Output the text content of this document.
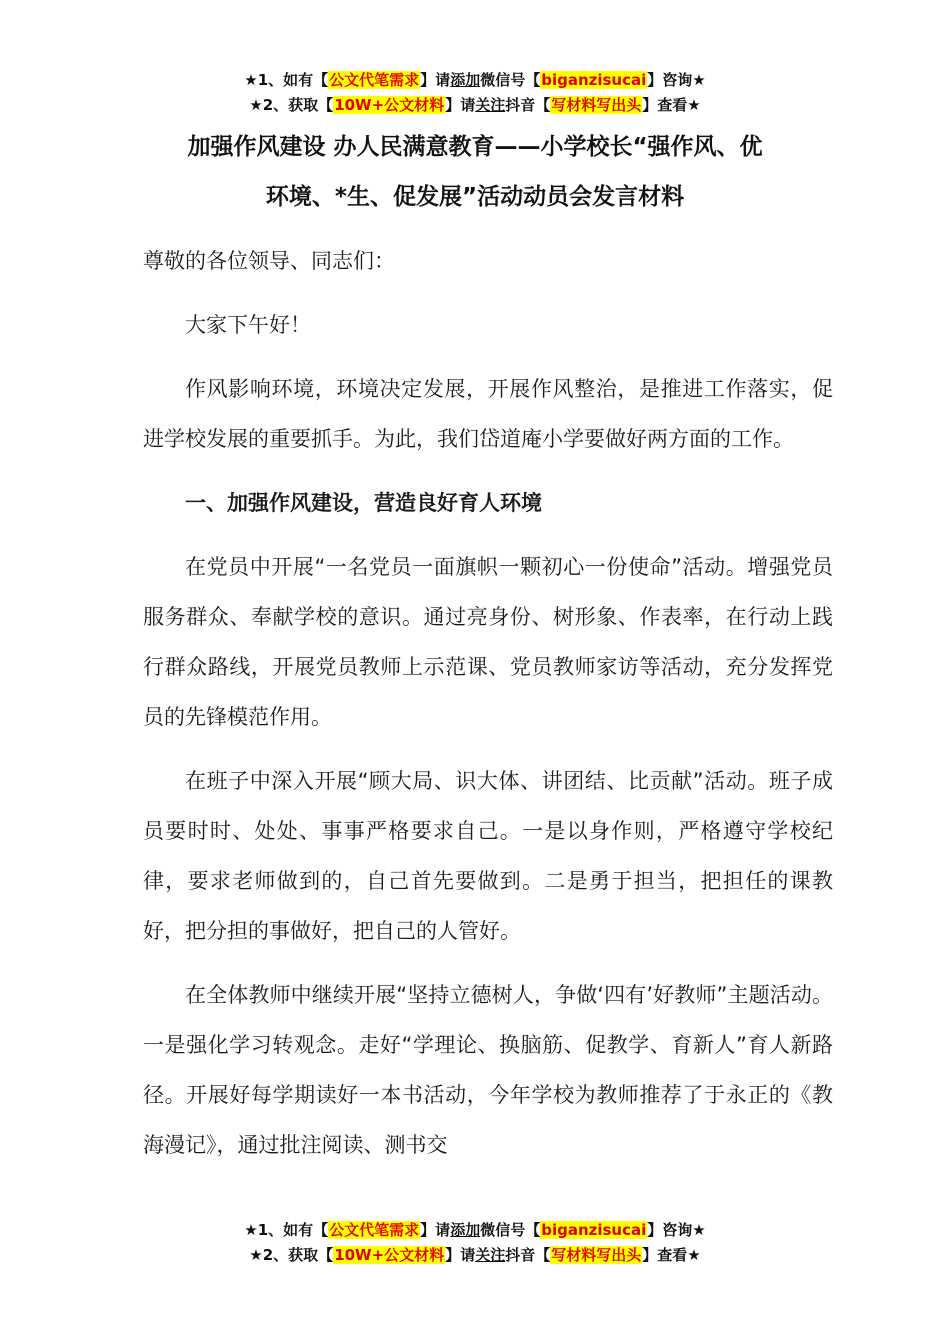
★1、如有【公文代笔需求】请添加微信号【biganzisucai】咨询★
★2、获取【10W+公文材料】请关注抖音【写材料写出头】查看★
加强作风建设 办人民满意教育——小学校长“强作风、优
环境、*生、促发展”活动动员会发言材料

尊敬的各位领导、同志们：

大家下午好！

作风影响环境，环境决定发展，开展作风整治，是推进工作落实，促进学校发展的重要抓手。为此，我们岱道庵小学要做好两方面的工作。

一、加强作风建设，营造良好育人环境

在党员中开展“一名党员一面旗帜一颗初心一份使命”活动。增强党员服务群众、奉献学校的意识。通过亮身份、树形象、作表率，在行动上践行群众路线，开展党员教师上示范课、党员教师家访等活动，充分发挥党员的先锋模范作用。

在班子中深入开展“顾大局、识大体、讲团结、比贡献”活动。班子成员要时时、处处、事事严格要求自己。一是以身作则，严格遵守学校纪律，要求老师做到的，自己首先要做到。二是勇于担当，把担任的课教好，把分担的事做好，把自己的人管好。

在全体教师中继续开展“坚持立德树人，争做‘四有’好教师”主题活动。一是强化学习转观念。走好“学理论、换脑筋、促教学、育新人”育人新路径。开展好每学期读好一本书活动，今年学校为教师推荐了于永正的《教海漫记》，通过批注阅读、测书交

★1、如有【公文代笔需求】请添加微信号【biganzisucai】咨询★
★2、获取【10W+公文材料】请关注抖音【写材料写出头】查看★
